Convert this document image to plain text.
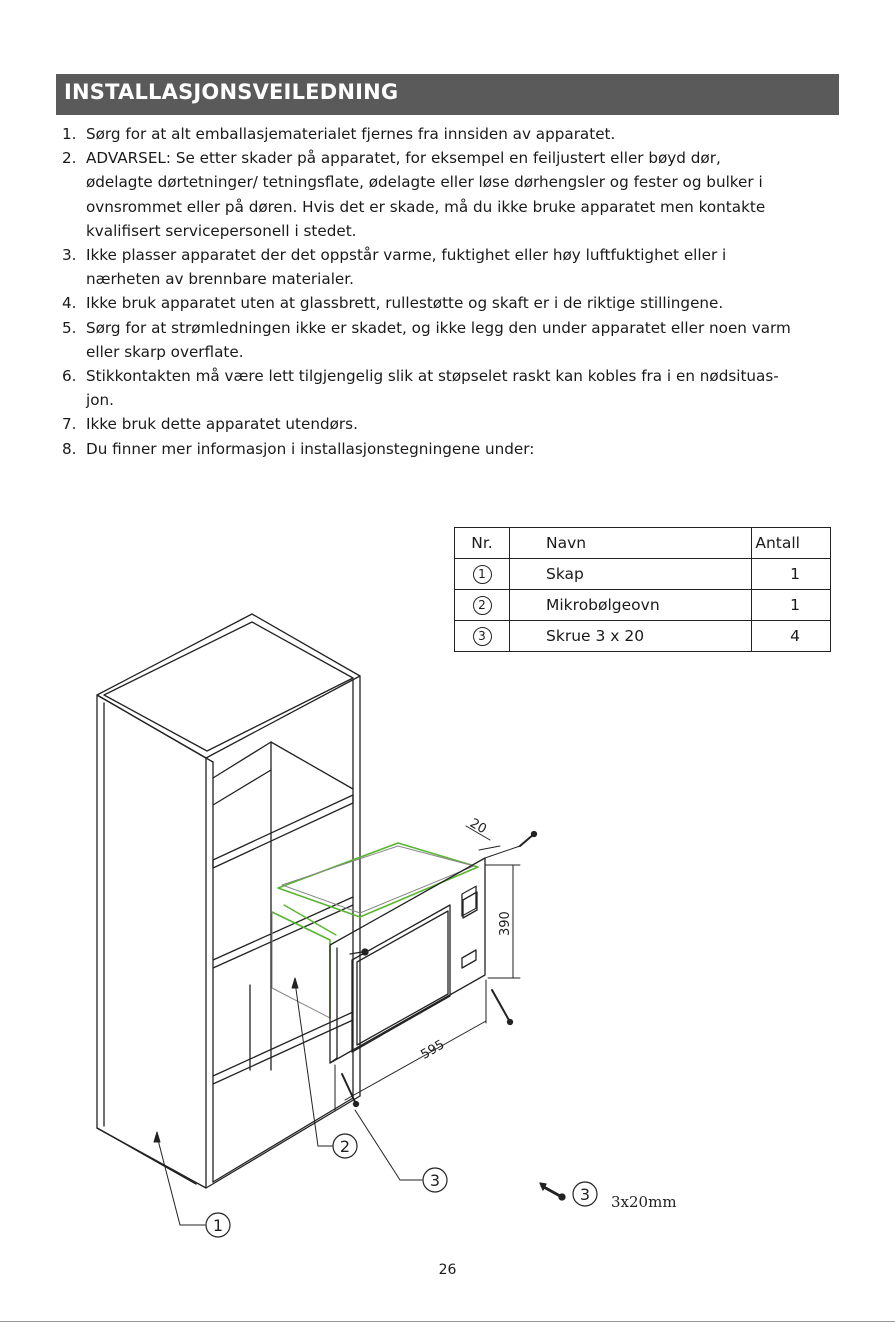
INSTALLASJONSVEILEDNING
1. Sørg for at alt emballasjematerialet fjernes fra innsiden av apparatet.
2. ADVARSEL: Se etter skader på apparatet, for eksempel en feiljustert eller bøyd dør,
ødelagte dørtetninger/ tetningsflate, ødelagte eller løse dørhengsler og fester og bulker i
ovnsrommet eller på døren. Hvis det er skade, må du ikke bruke apparatet men kontakte
kvalifisert servicepersonell i stedet.
3. Ikke plasser apparatet der det oppstår varme, fuktighet eller høy luftfuktighet eller i
nærheten av brennbare materialer.
4. Ikke bruk apparatet uten at glassbrett, rullestøtte og skaft er i de riktige stillingene.
5. Sørg for at strømledningen ikke er skadet, og ikke legg den under apparatet eller noen varm
eller skarp overflate.
6. Stikkontakten må være lett tilgjengelig slik at støpselet raskt kan kobles fra i en nødsituas-
jon.
7. Ikke bruk dette apparatet utendørs.
8. Du finner mer informasjon i installasjonstegningene under:
Nr.	Navn	Antall
1	Skap	1
2	Mikrobølgeovn	1
3	Skrue 3 x 20	4
20
390
595
1
2
3
3 3x20mm
26
